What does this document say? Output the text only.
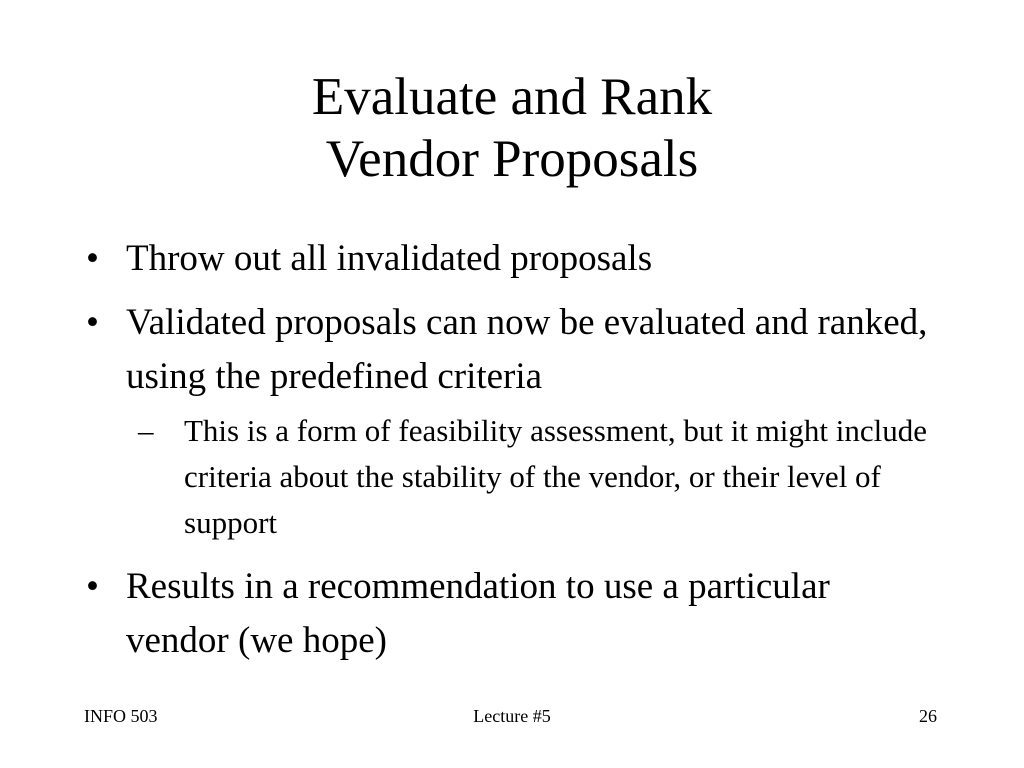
Evaluate and Rank
Vendor Proposals
• Throw out all invalidated proposals
• Validated proposals can now be evaluated and ranked, using the predefined criteria
– This is a form of feasibility assessment, but it might include criteria about the stability of the vendor, or their level of support
• Results in a recommendation to use a particular vendor (we hope)
INFO 503	Lecture #5	26
